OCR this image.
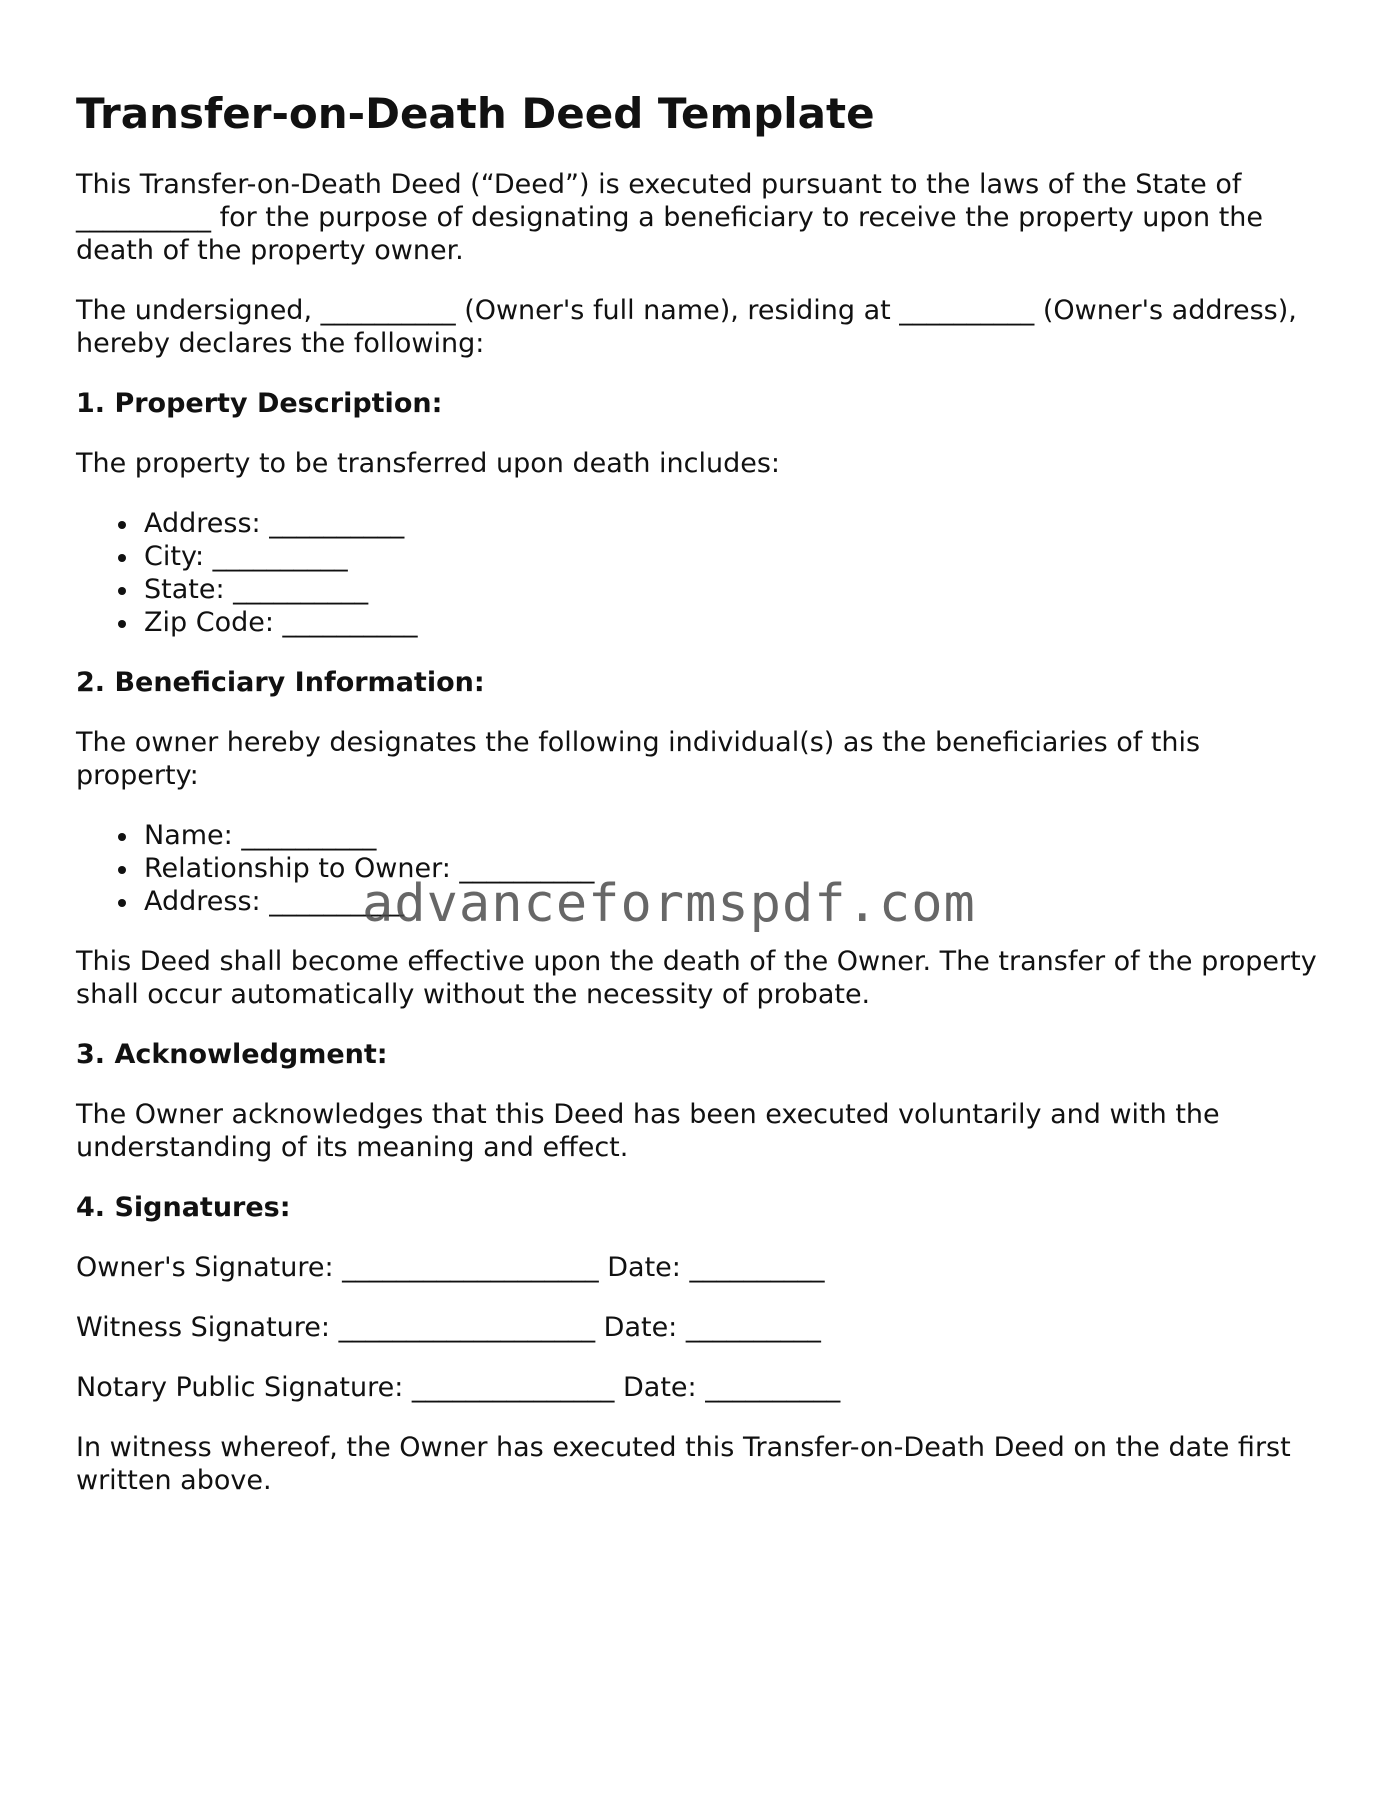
Transfer-on-Death Deed Template

This Transfer-on-Death Deed (“Deed”) is executed pursuant to the laws of the State of __________ for the purpose of designating a beneficiary to receive the property upon the death of the property owner.

The undersigned, __________ (Owner's full name), residing at __________ (Owner's address), hereby declares the following:

1. Property Description:

The property to be transferred upon death includes:

Address: __________
City: __________
State: __________
Zip Code: __________
2. Beneficiary Information:

The owner hereby designates the following individual(s) as the beneficiaries of this property:

Name: __________
Relationship to Owner: __________
Address: __________

This Deed shall become effective upon the death of the Owner. The transfer of the property shall occur automatically without the necessity of probate.

3. Acknowledgment:

The Owner acknowledges that this Deed has been executed voluntarily and with the understanding of its meaning and effect.

4. Signatures:

Owner's Signature: ___________________ Date: __________

Witness Signature: ___________________ Date: __________

Notary Public Signature: _______________ Date: __________

In witness whereof, the Owner has executed this Transfer-on-Death Deed on the date first written above.

advanceformspdf.com
